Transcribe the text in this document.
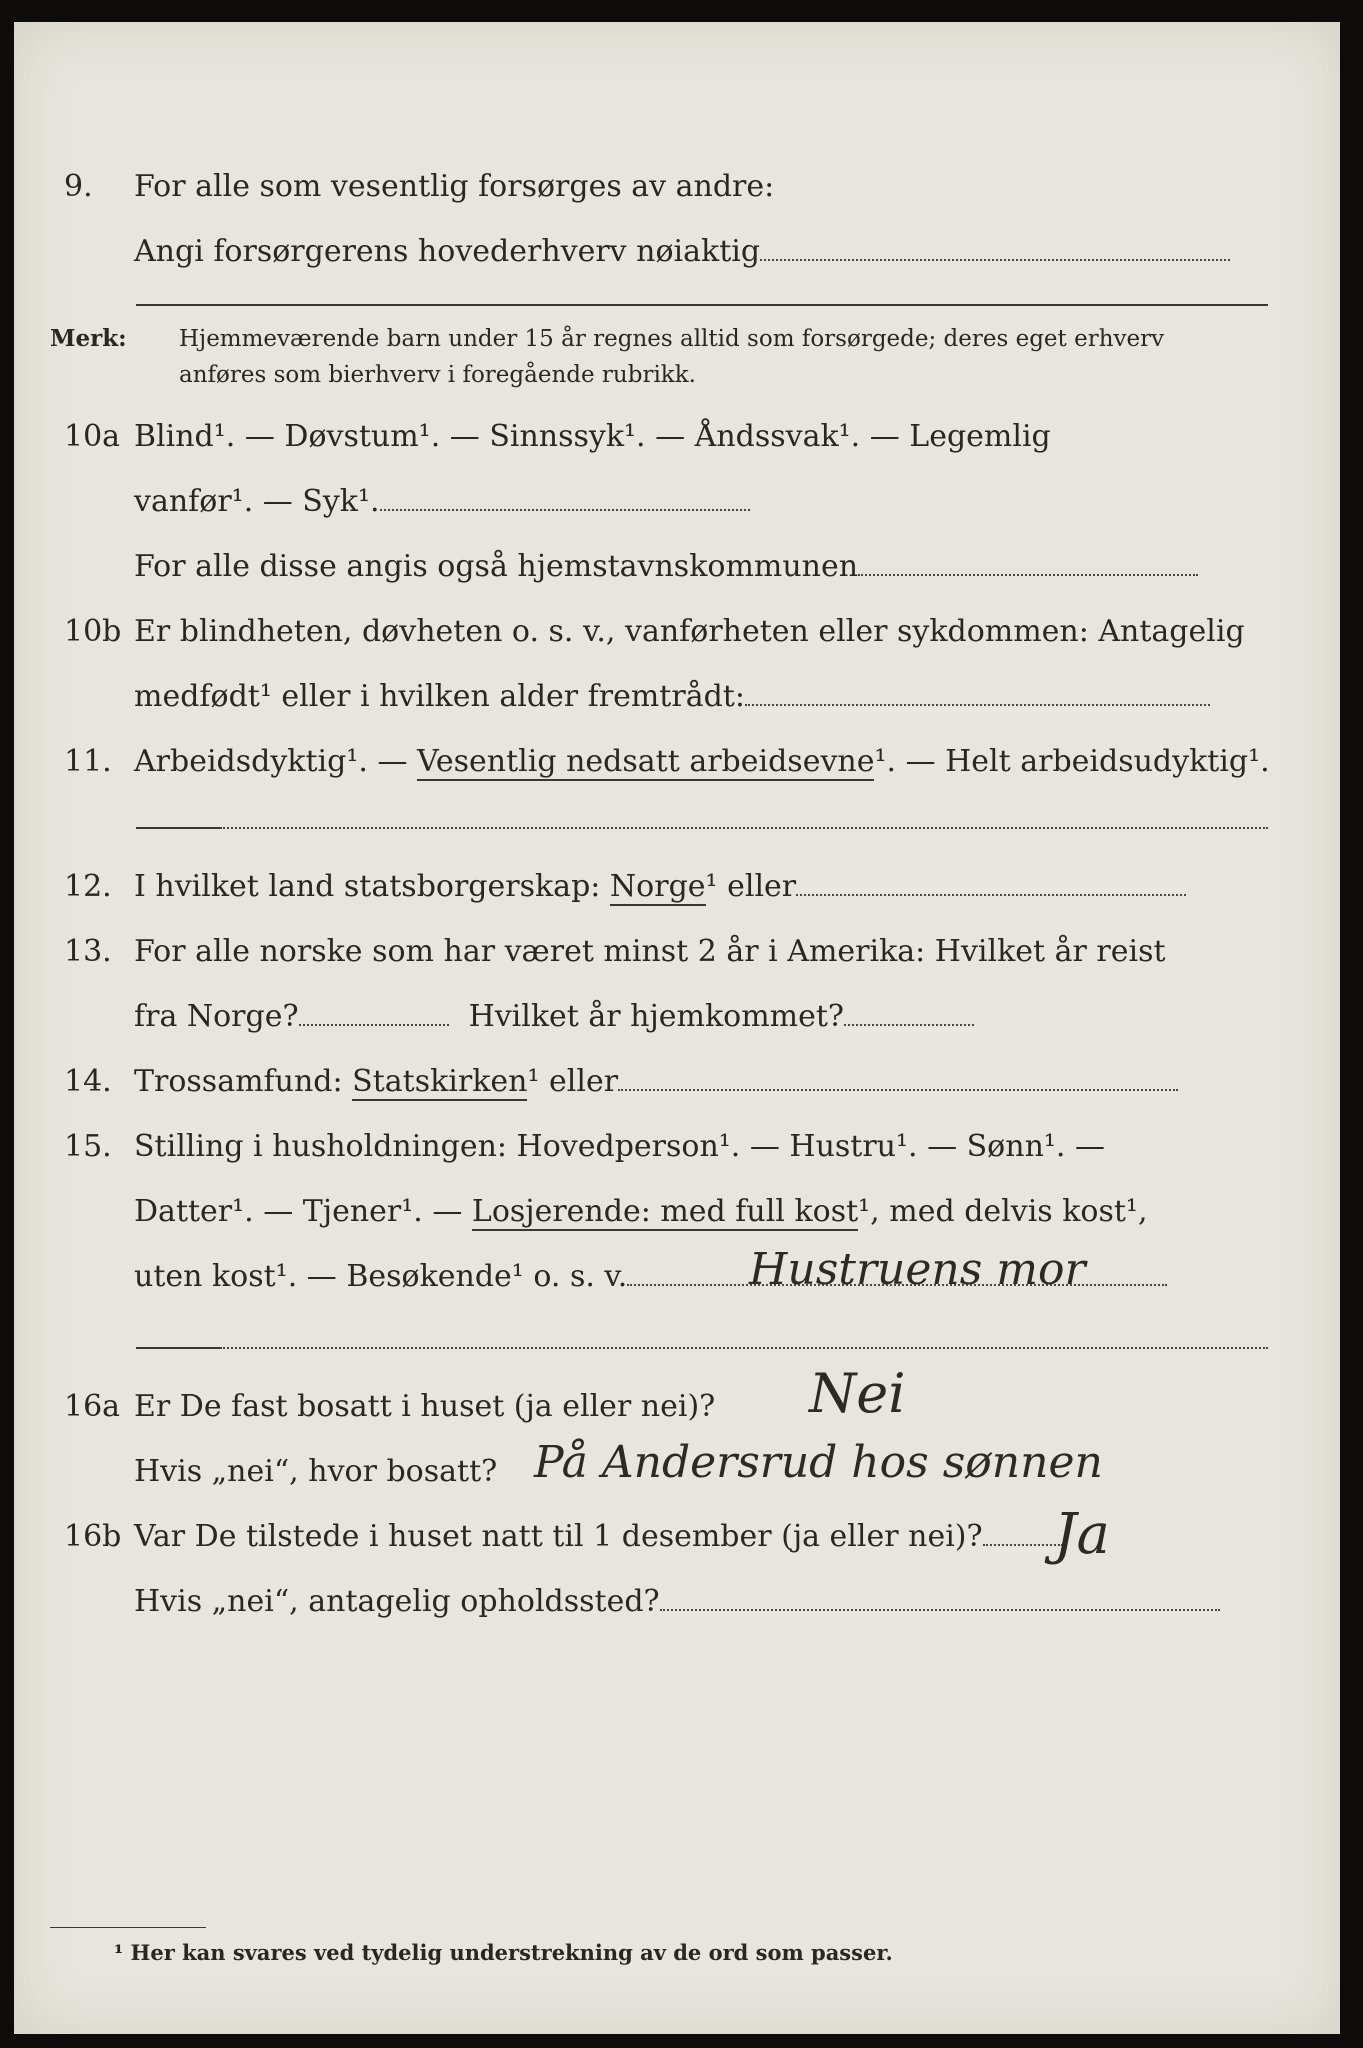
9.	For alle som vesentlig forsørges av andre:
Angi forsørgerens hovederhverv nøiaktig
Merk: Hjemmeværende barn under 15 år regnes alltid som forsørgede; deres eget erhverv
anføres som bierhverv i foregående rubrikk.
10a Blind¹. — Døvstum¹. — Sinnssyk¹. — Åndssvak¹. — Legemlig
vanfør¹. — Syk¹.
For alle disse angis også hjemstavnskommunen
10b Er blindheten, døvheten o. s. v., vanførheten eller sykdommen: Antagelig
medfødt¹ eller i hvilken alder fremtrådt:
11. Arbeidsdyktig¹. — Vesentlig nedsatt arbeidsevne¹. — Helt arbeidsudyktig¹.
12. I hvilket land statsborgerskap: Norge¹ eller
13. For alle norske som har været minst 2 år i Amerika: Hvilket år reist
fra Norge?	Hvilket år hjemkommet?
14. Trossamfund: Statskirken¹ eller
15. Stilling i husholdningen: Hovedperson¹. — Hustru¹. — Sønn¹. —
Datter¹. — Tjener¹. — Losjerende: med full kost¹, med delvis kost¹,
uten kost¹. — Besøkende¹ o. s. v.	Hustruens mor
16a Er De fast bosatt i huset (ja eller nei)?	Nei
Hvis „nei“, hvor bosatt? På Andersrud hos sønnen
16b Var De tilstede i huset natt til 1 desember (ja eller nei)?	Ja
Hvis „nei“, antagelig opholdssted?
¹ Her kan svares ved tydelig understrekning av de ord som passer.
